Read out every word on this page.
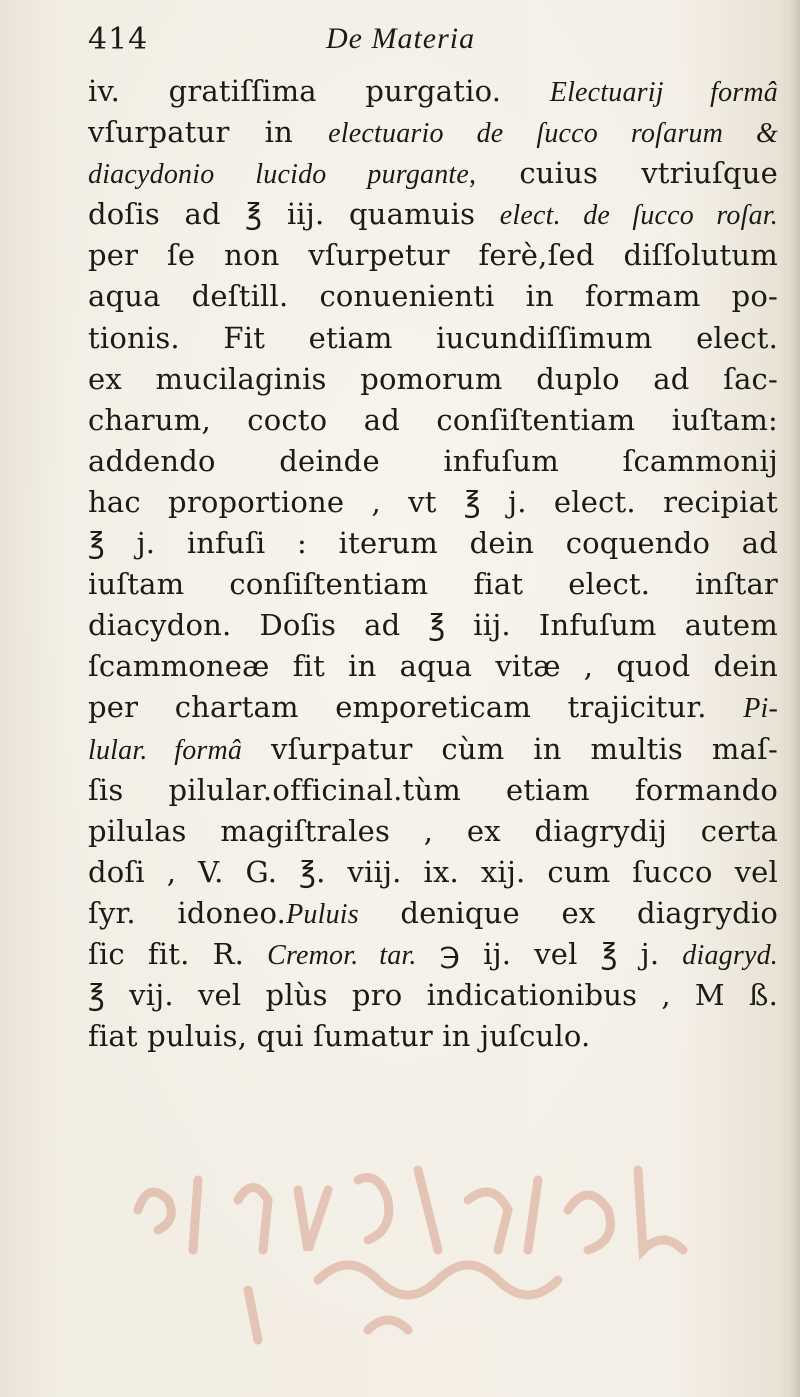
414	De Materia
iv. gratiſſima purgatio. Electuarij formâ
vſurpatur in electuario de ſucco roſarum &
diacydonio lucido purgante, cuius vtriuſque
doſis ad ℥ iij. quamuis elect. de ſucco roſar.
per ſe non vſurpetur ferè,ſed diſſolutum
aqua deſtill. conuenienti in formam po-
tionis. Fit etiam iucundiſſimum elect.
ex mucilaginis pomorum duplo ad ſac-
charum, cocto ad conſiſtentiam iuſtam:
addendo deinde infuſum ſcammonij
hac proportione , vt ℥ j. elect. recipiat
℥ j. infuſi : iterum dein coquendo ad
iuſtam conſiſtentiam fiat elect. inſtar
diacydon. Doſis ad ℥ iij. Infuſum autem
ſcammoneæ fit in aqua vitæ , quod dein
per chartam emporeticam trajicitur. Pi-
lular. formâ vſurpatur cùm in multis maſ-
ſis pilular.officinal.tùm etiam formando
pilulas magiſtrales , ex diagrydij certa
doſi , V. G. ℥. viij. ix. xij. cum ſucco vel
ſyr. idoneo.Puluis denique ex diagrydio
ſic fit. R. Cremor. tar. ℈ ij. vel ℥ j. diagryd.
℥ vij. vel plùs pro indicationibus , M ß.
fiat puluis, qui ſumatur in juſculo.
